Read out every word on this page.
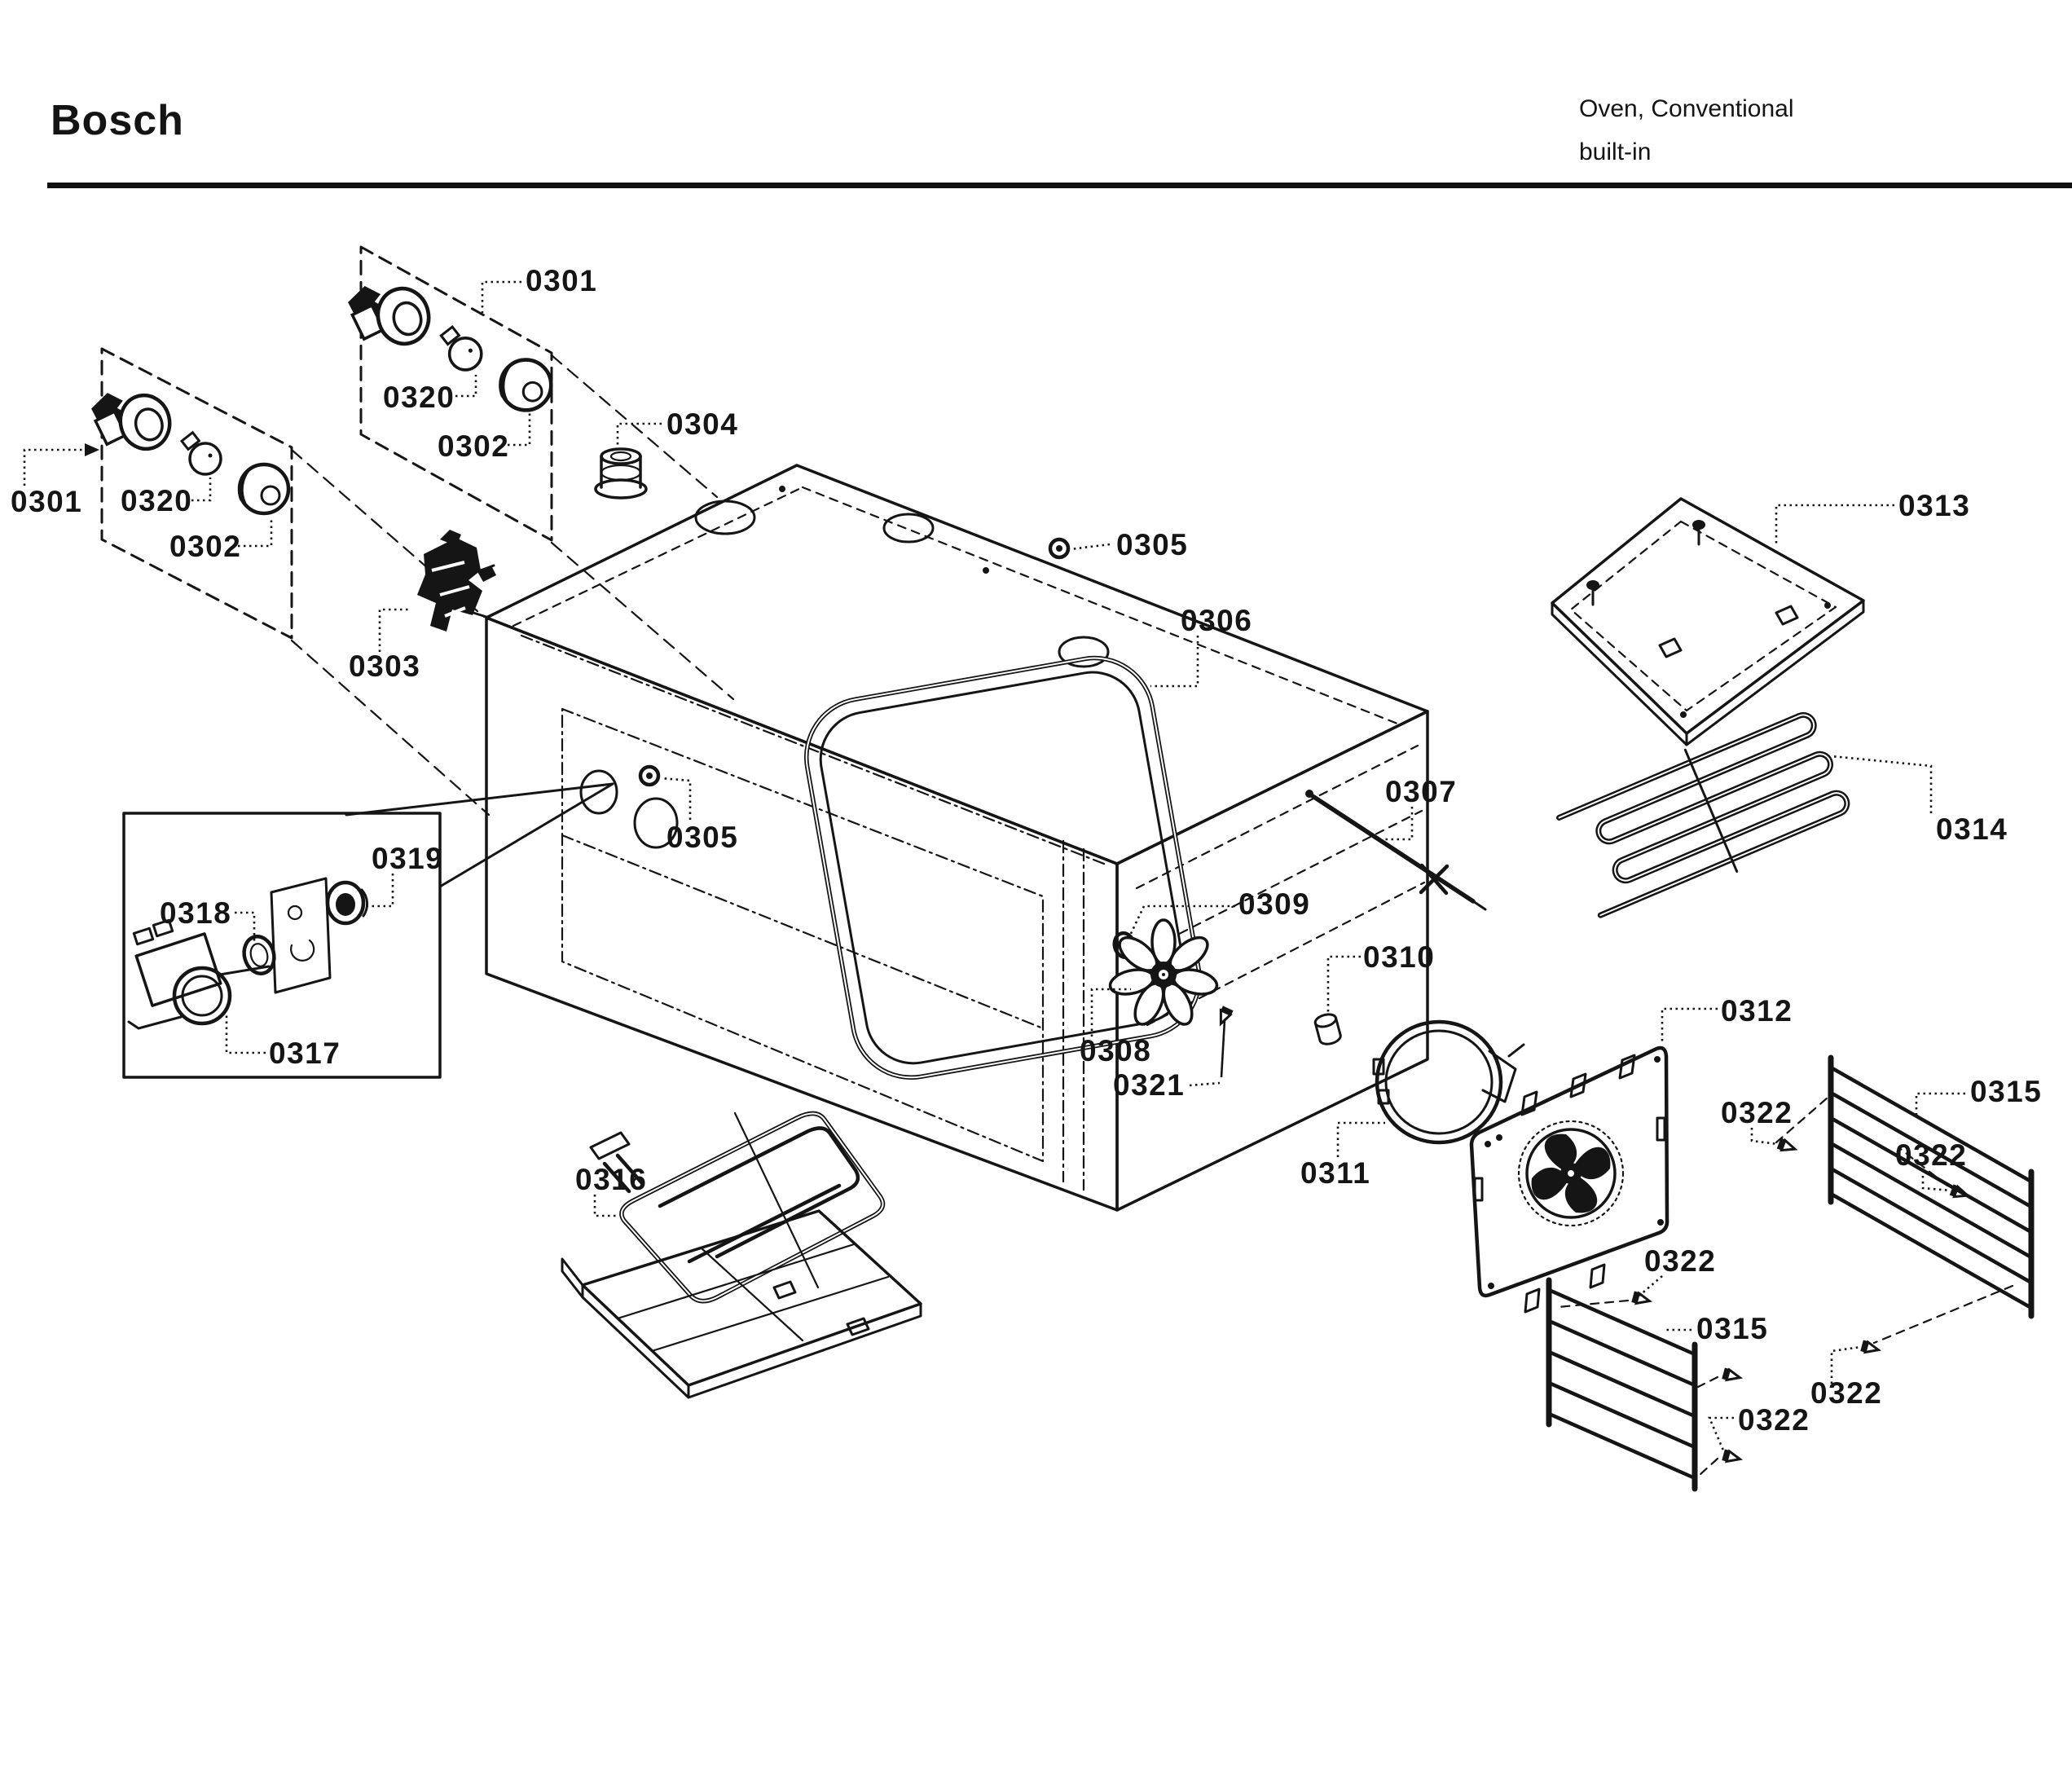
Bosch	Oven, Conventional
built-in
0301
0320
0302
0301 0320
0302
0303
0304
0305
0306
0305
0307
0309
0310
0308
0321
0311
0312
0313
0314
0315
0322
0322
0322
0315
0322
0322
0316
0317
0318
0319
